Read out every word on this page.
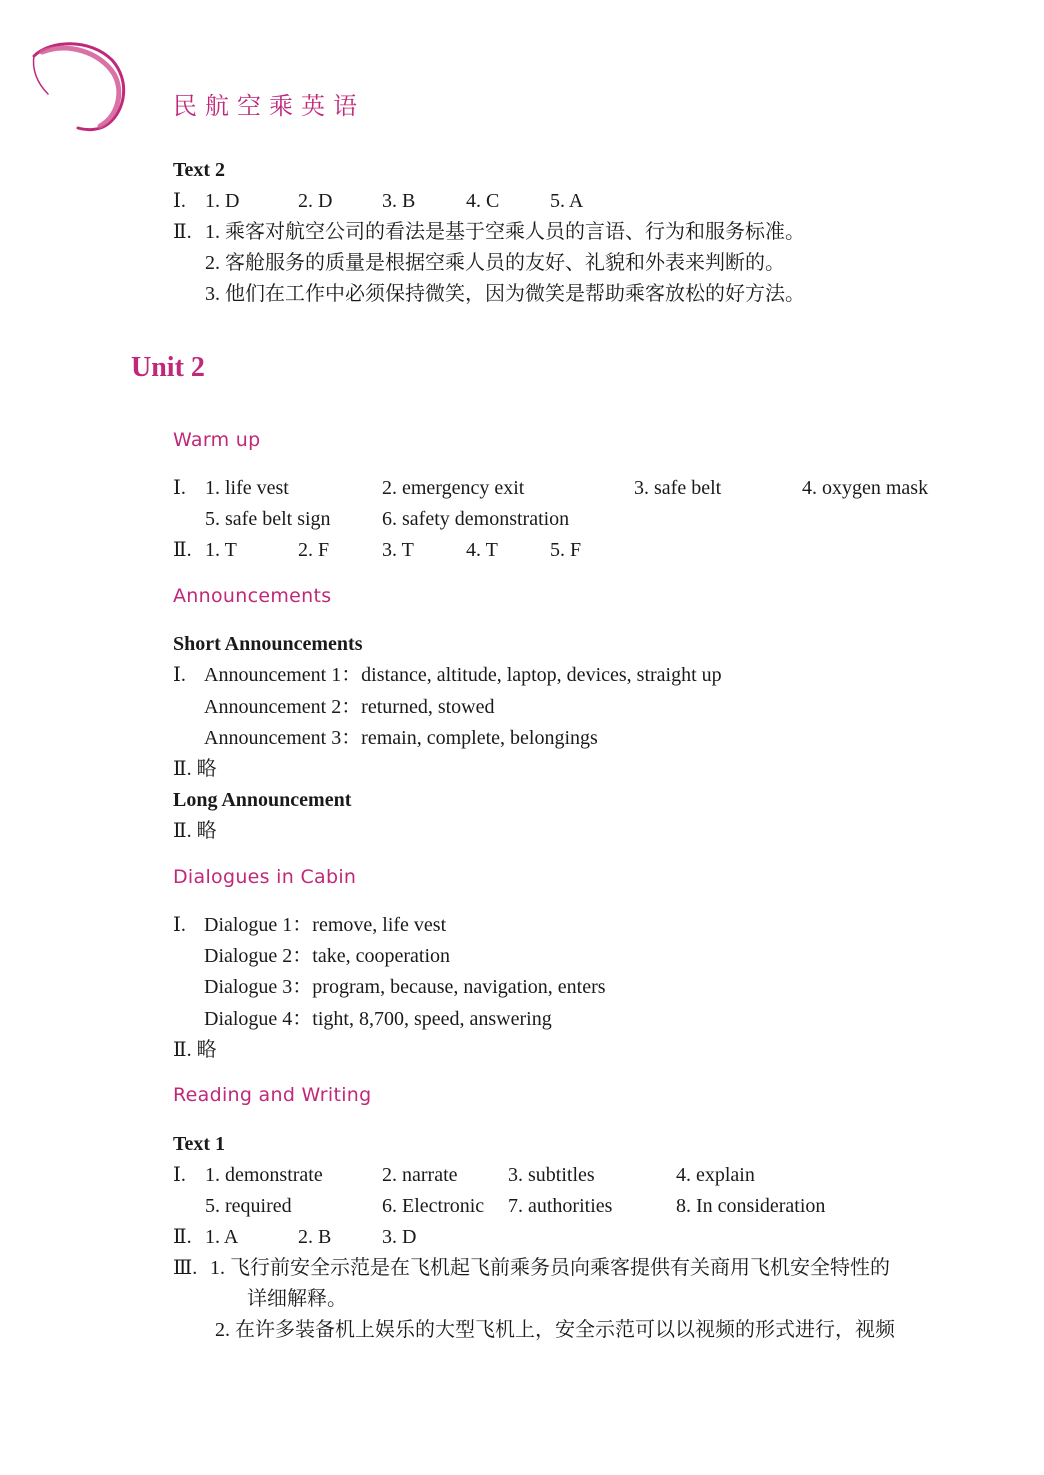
民航空乘英语
Text 2
Ⅰ. 1. D	2. D 3. B	4. C	5. A
Ⅱ. 1. 乘客对航空公司的看法是基于空乘人员的言语、行为和服务标准。
2. 客舱服务的质量是根据空乘人员的友好、礼貌和外表来判断的。
3. 他们在工作中必须保持微笑，因为微笑是帮助乘客放松的好方法。
Unit 2
Warm up
Ⅰ. 1. life vest	2. emergency exit	3. safe belt	4. oxygen mask
5. safe belt sign	6. safety demonstration
Ⅱ. 1. T	2. F	3. T	4. T	5. F
Announcements
Short Announcements
Ⅰ. Announcement 1：distance, altitude, laptop, devices, straight up
Announcement 2：returned, stowed
Announcement 3：remain, complete, belongings
Ⅱ. 略
Long Announcement
Ⅱ. 略
Dialogues in Cabin
Ⅰ. Dialogue 1：remove, life vest
Dialogue 2：take, cooperation
Dialogue 3：program, because, navigation, enters
Dialogue 4：tight, 8,700, speed, answering
Ⅱ. 略
Reading and Writing
Text 1
Ⅰ. 1. demonstrate	2. narrate	3. subtitles	4. explain
5. required	6. Electronic 7. authorities	8. In consideration
Ⅱ. 1. A	2. B	3. D
Ⅲ. 1. 飞行前安全示范是在飞机起飞前乘务员向乘客提供有关商用飞机安全特性的
详细解释。
2. 在许多装备机上娱乐的大型飞机上，安全示范可以以视频的形式进行，视频
